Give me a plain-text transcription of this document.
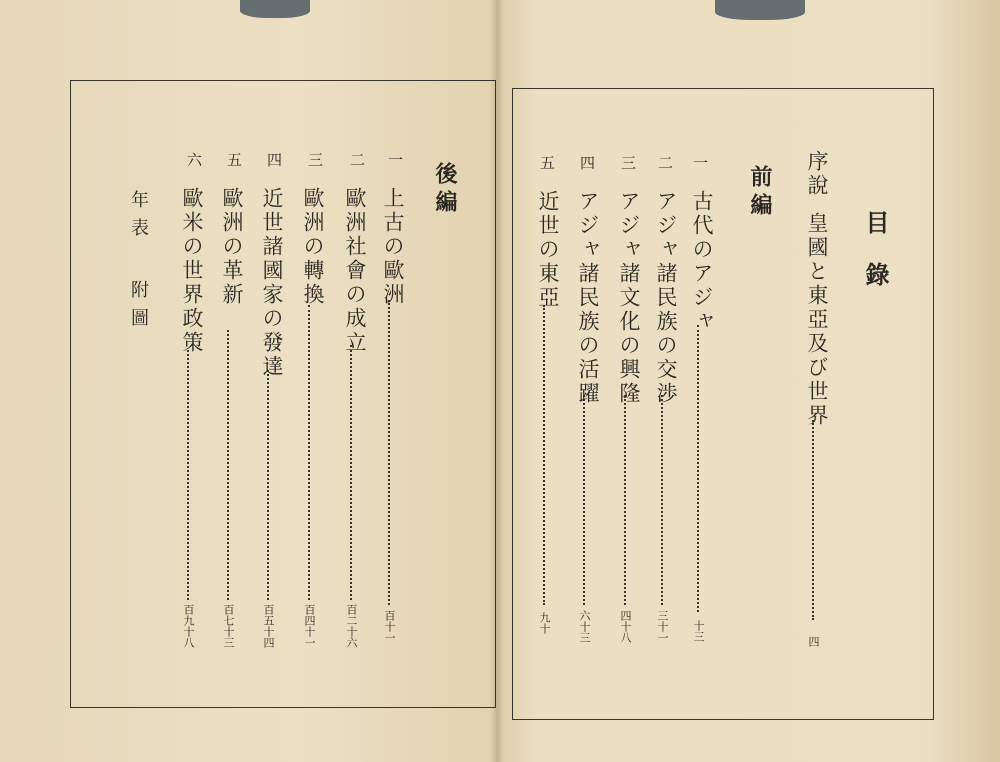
目錄
序說
皇國と東亞及び世界
四
前編
一
古代のアジャ
十三
二
アジャ諸民族の交渉
三十一
三
アジャ諸文化の興隆
四十八
四
アジャ諸民族の活躍
六十三
五
近世の東亞
九十
後編
一
上古の歐洲
百十一
二
歐洲社會の成立
百二十六
三
歐洲の轉換
百四十一
四
近世諸國家の發達
百五十四
五
歐洲の革新
百七十三
六
歐米の世界政策
百九十八
年表
附圖
